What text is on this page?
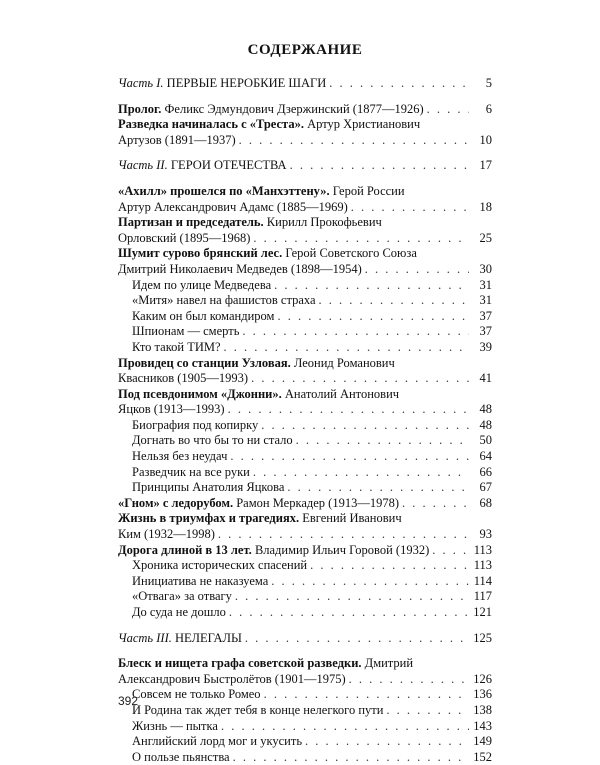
СОДЕРЖАНИЕ
Часть I. ПЕРВЫЕ НЕРОБКИЕ ШАГИ . . .	5
Пролог. Феликс Эдмундович Дзержинский (1877—1926) . . .	6
Разведка начиналась с «Треста». Артур Христианович
Артузов (1891—1937) . . .	10
Часть II. ГЕРОИ ОТЕЧЕСТВА . . .	17
«Ахилл» прошелся по «Манхэттену». Герой России
Артур Александрович Адамс (1885—1969) . . .	18
Партизан и председатель. Кирилл Прокофьевич
Орловский (1895—1968) . . .	25
Шумит сурово брянский лес. Герой Советского Союза
Дмитрий Николаевич Медведев (1898—1954) . . .	30
Идем по улице Медведева . . .	31
«Митя» навел на фашистов страха . . .	31
Каким он был командиром . . .	37
Шпионам — смерть . . .	37
Кто такой ТИМ? . . .	39
Провидец со станции Узловая. Леонид Романович
Квасников (1905—1993) . . .	41
Под псевдонимом «Джонни». Анатолий Антонович
Яцков (1913—1993) . . .	48
Биография под копирку . . .	48
Догнать во что бы то ни стало . . .	50
Нельзя без неудач . . .	64
Разведчик на все руки . . .	66
Принципы Анатолия Яцкова . . .	67
«Гном» с ледорубом. Рамон Меркадер (1913—1978) . . .	68
Жизнь в триумфах и трагедиях. Евгений Иванович
Ким (1932—1998) . . .	93
Дорога длиной в 13 лет. Владимир Ильич Горовой (1932) . . .	113
Хроника исторических спасений . . .	113
Инициатива не наказуема . . .	114
«Отвага» за отвагу . . .	117
До суда не дошло . . .	121
Часть III. НЕЛЕГАЛЫ . . .	125
Блеск и нищета графа советской разведки. Дмитрий
Александрович Быстролётов (1901—1975) . . .	126
Совсем не только Ромео . . .	136
И Родина так ждет тебя в конце нелегкого пути . . .	138
Жизнь — пытка . . .	143
Английский лорд мог и укусить . . .	149
О пользе пьянства . . .	152
392
